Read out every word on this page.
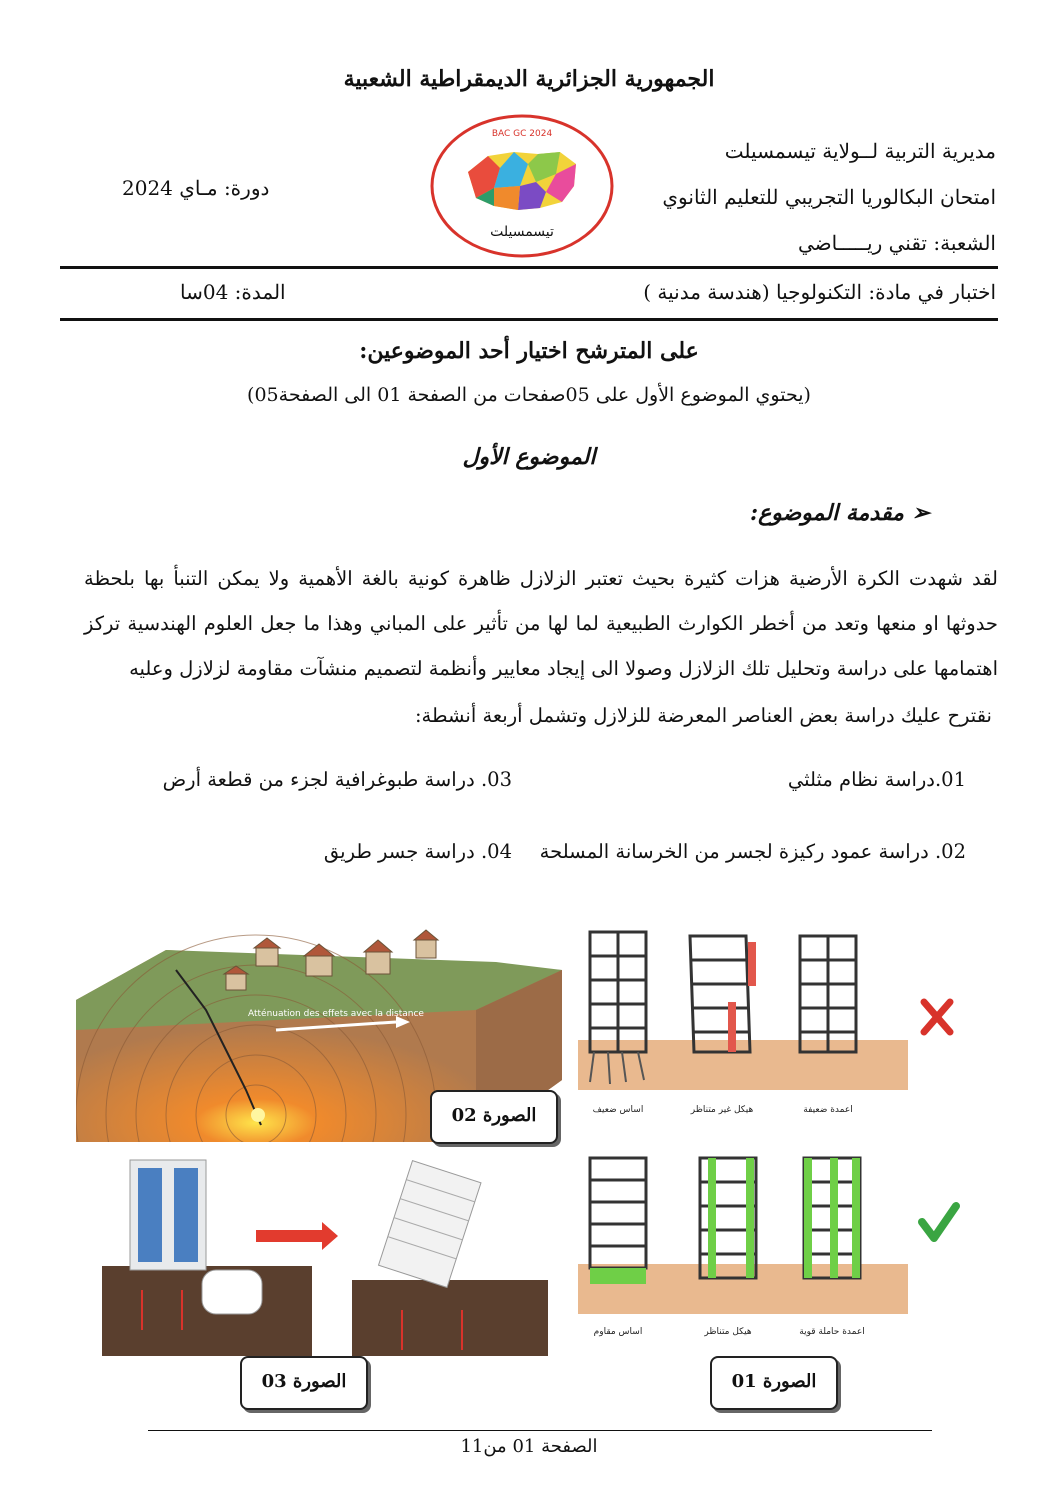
الجمهورية الجزائرية الديمقراطية الشعبية
مديرية التربية لــولاية تيسمسيلت
امتحان البكالوريا التجريبي للتعليم الثانوي
الشعبة: تقني ريـــــاضي
دورة: مـاي 2024
BAC GC 2024
تيسمسيلت
اختبار في مادة: التكنولوجيا (هندسة مدنية )
المدة: 04سا
على المترشح اختيار أحد الموضوعين:
(يحتوي الموضوع الأول على 05صفحات من الصفحة 01 الى الصفحة05)
الموضوع الأول
➢ مقدمة الموضوع:
لقد شهدت الكرة الأرضية هزات كثيرة بحيث تعتبر الزلازل ظاهرة كونية بالغة الأهمية ولا يمكن التنبأ بها بلحظة حدوثها او منعها وتعد من أخطر الكوارث الطبيعية لما لها من تأثير على المباني وهذا ما جعل العلوم الهندسية تركز اهتمامها على دراسة وتحليل تلك الزلازل وصولا الى إيجاد معايير وأنظمة لتصميم منشآت مقاومة لزلازل وعليه
نقترح عليك دراسة بعض العناصر المعرضة للزلازل وتشمل أربعة أنشطة:
01.دراسة نظام مثلثي
03. دراسة طبوغرافية لجزء من قطعة أرض
02. دراسة عمود ركيزة لجسر من الخرسانة المسلحة
04. دراسة جسر طريق
Atténuation des effets avec la distance
اساس ضعيف	هيكل غير متناظر	اعمدة ضعيفة
الصورة 02
اساس مقاوم	هيكل متناظر	اعمدة حاملة قوية
الصورة 03	الصورة 01
الصفحة 01 من11
